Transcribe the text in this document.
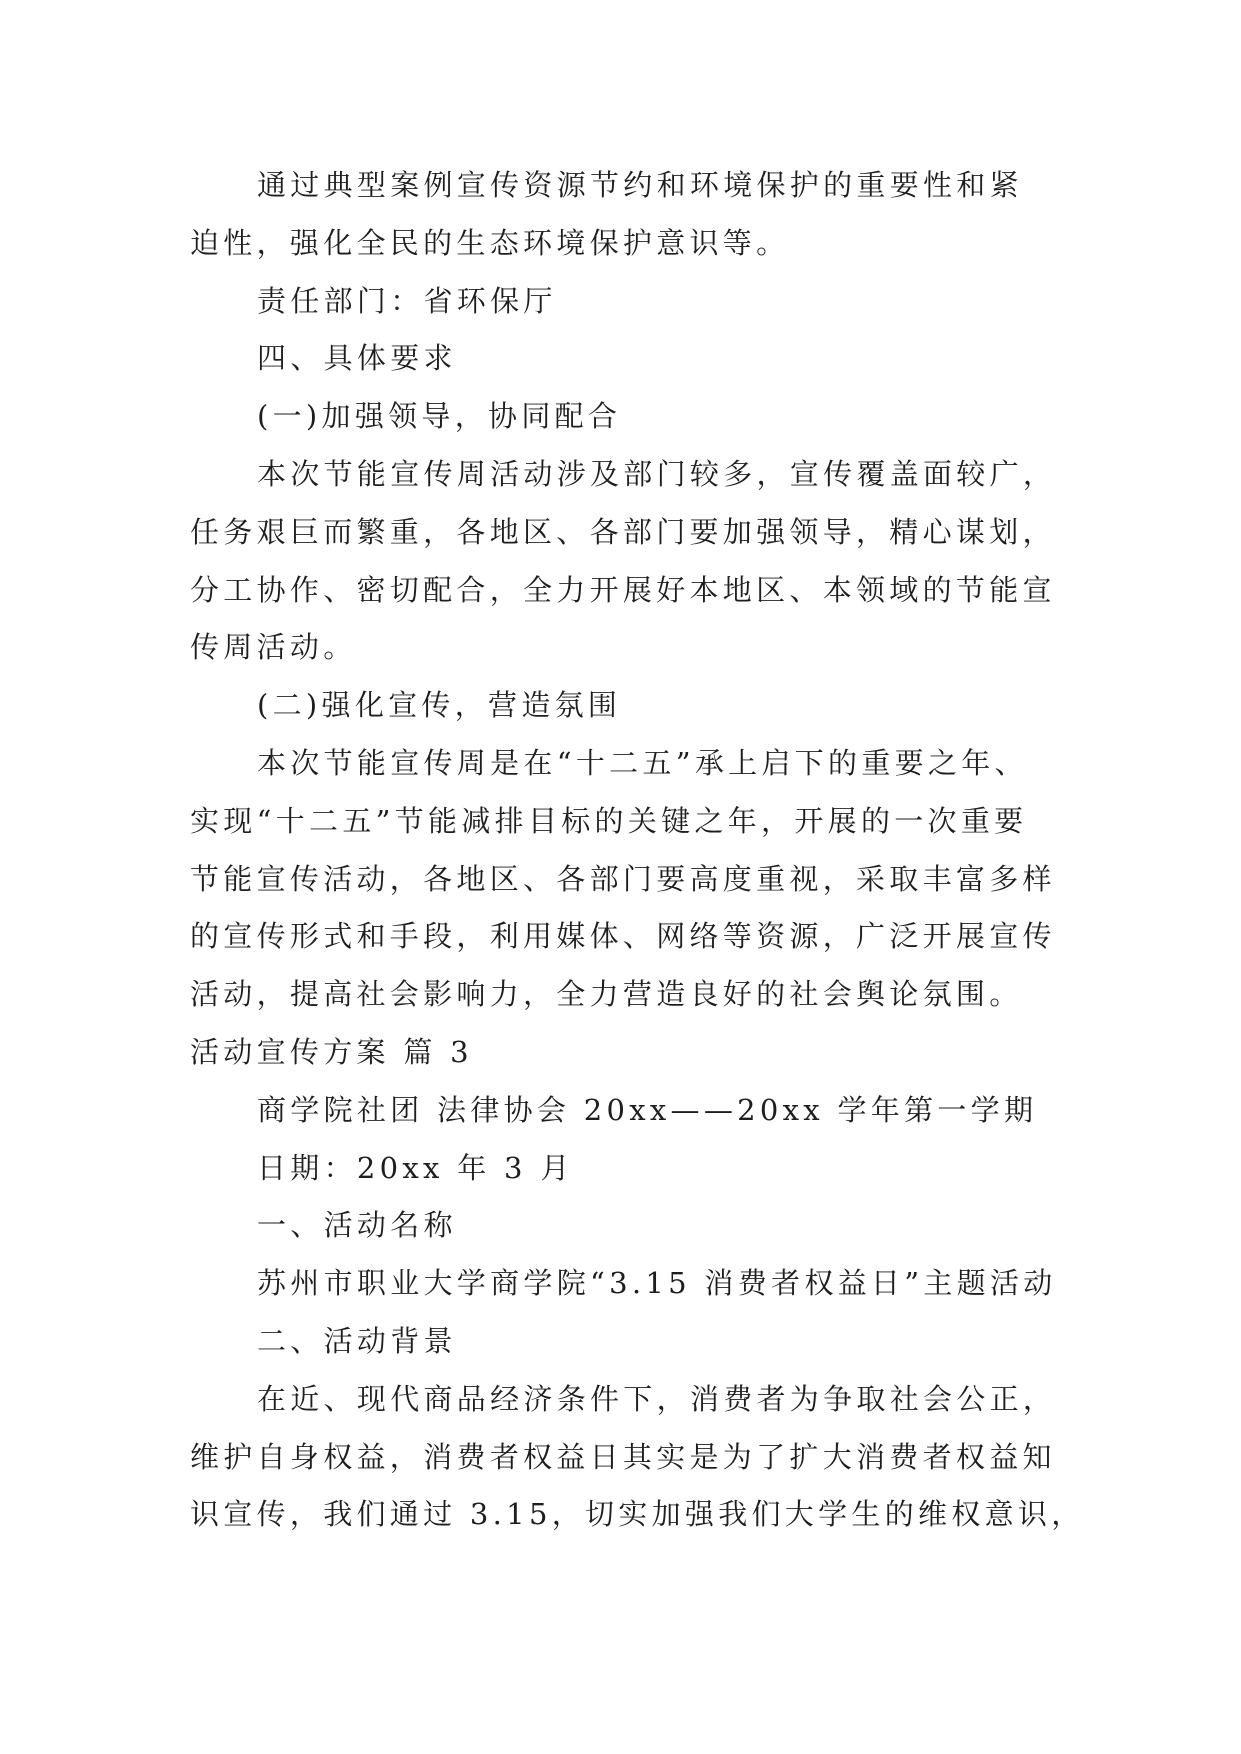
通过典型案例宣传资源节约和环境保护的重要性和紧
迫性，强化全民的生态环境保护意识等。
责任部门：省环保厅
四、具体要求
(一)加强领导，协同配合
本次节能宣传周活动涉及部门较多，宣传覆盖面较广，
任务艰巨而繁重，各地区、各部门要加强领导，精心谋划，
分工协作、密切配合，全力开展好本地区、本领域的节能宣
传周活动。
(二)强化宣传，营造氛围
本次节能宣传周是在“十二五”承上启下的重要之年、
实现“十二五”节能减排目标的关键之年，开展的一次重要
节能宣传活动，各地区、各部门要高度重视，采取丰富多样
的宣传形式和手段，利用媒体、网络等资源，广泛开展宣传
活动，提高社会影响力，全力营造良好的社会舆论氛围。
活动宣传方案 篇 3
商学院社团 法律协会 20xx——20xx 学年第一学期
日期：20xx 年 3 月
一、活动名称
苏州市职业大学商学院“3.15 消费者权益日”主题活动
二、活动背景
在近、现代商品经济条件下，消费者为争取社会公正，
维护自身权益，消费者权益日其实是为了扩大消费者权益知
识宣传，我们通过 3.15，切实加强我们大学生的维权意识，
